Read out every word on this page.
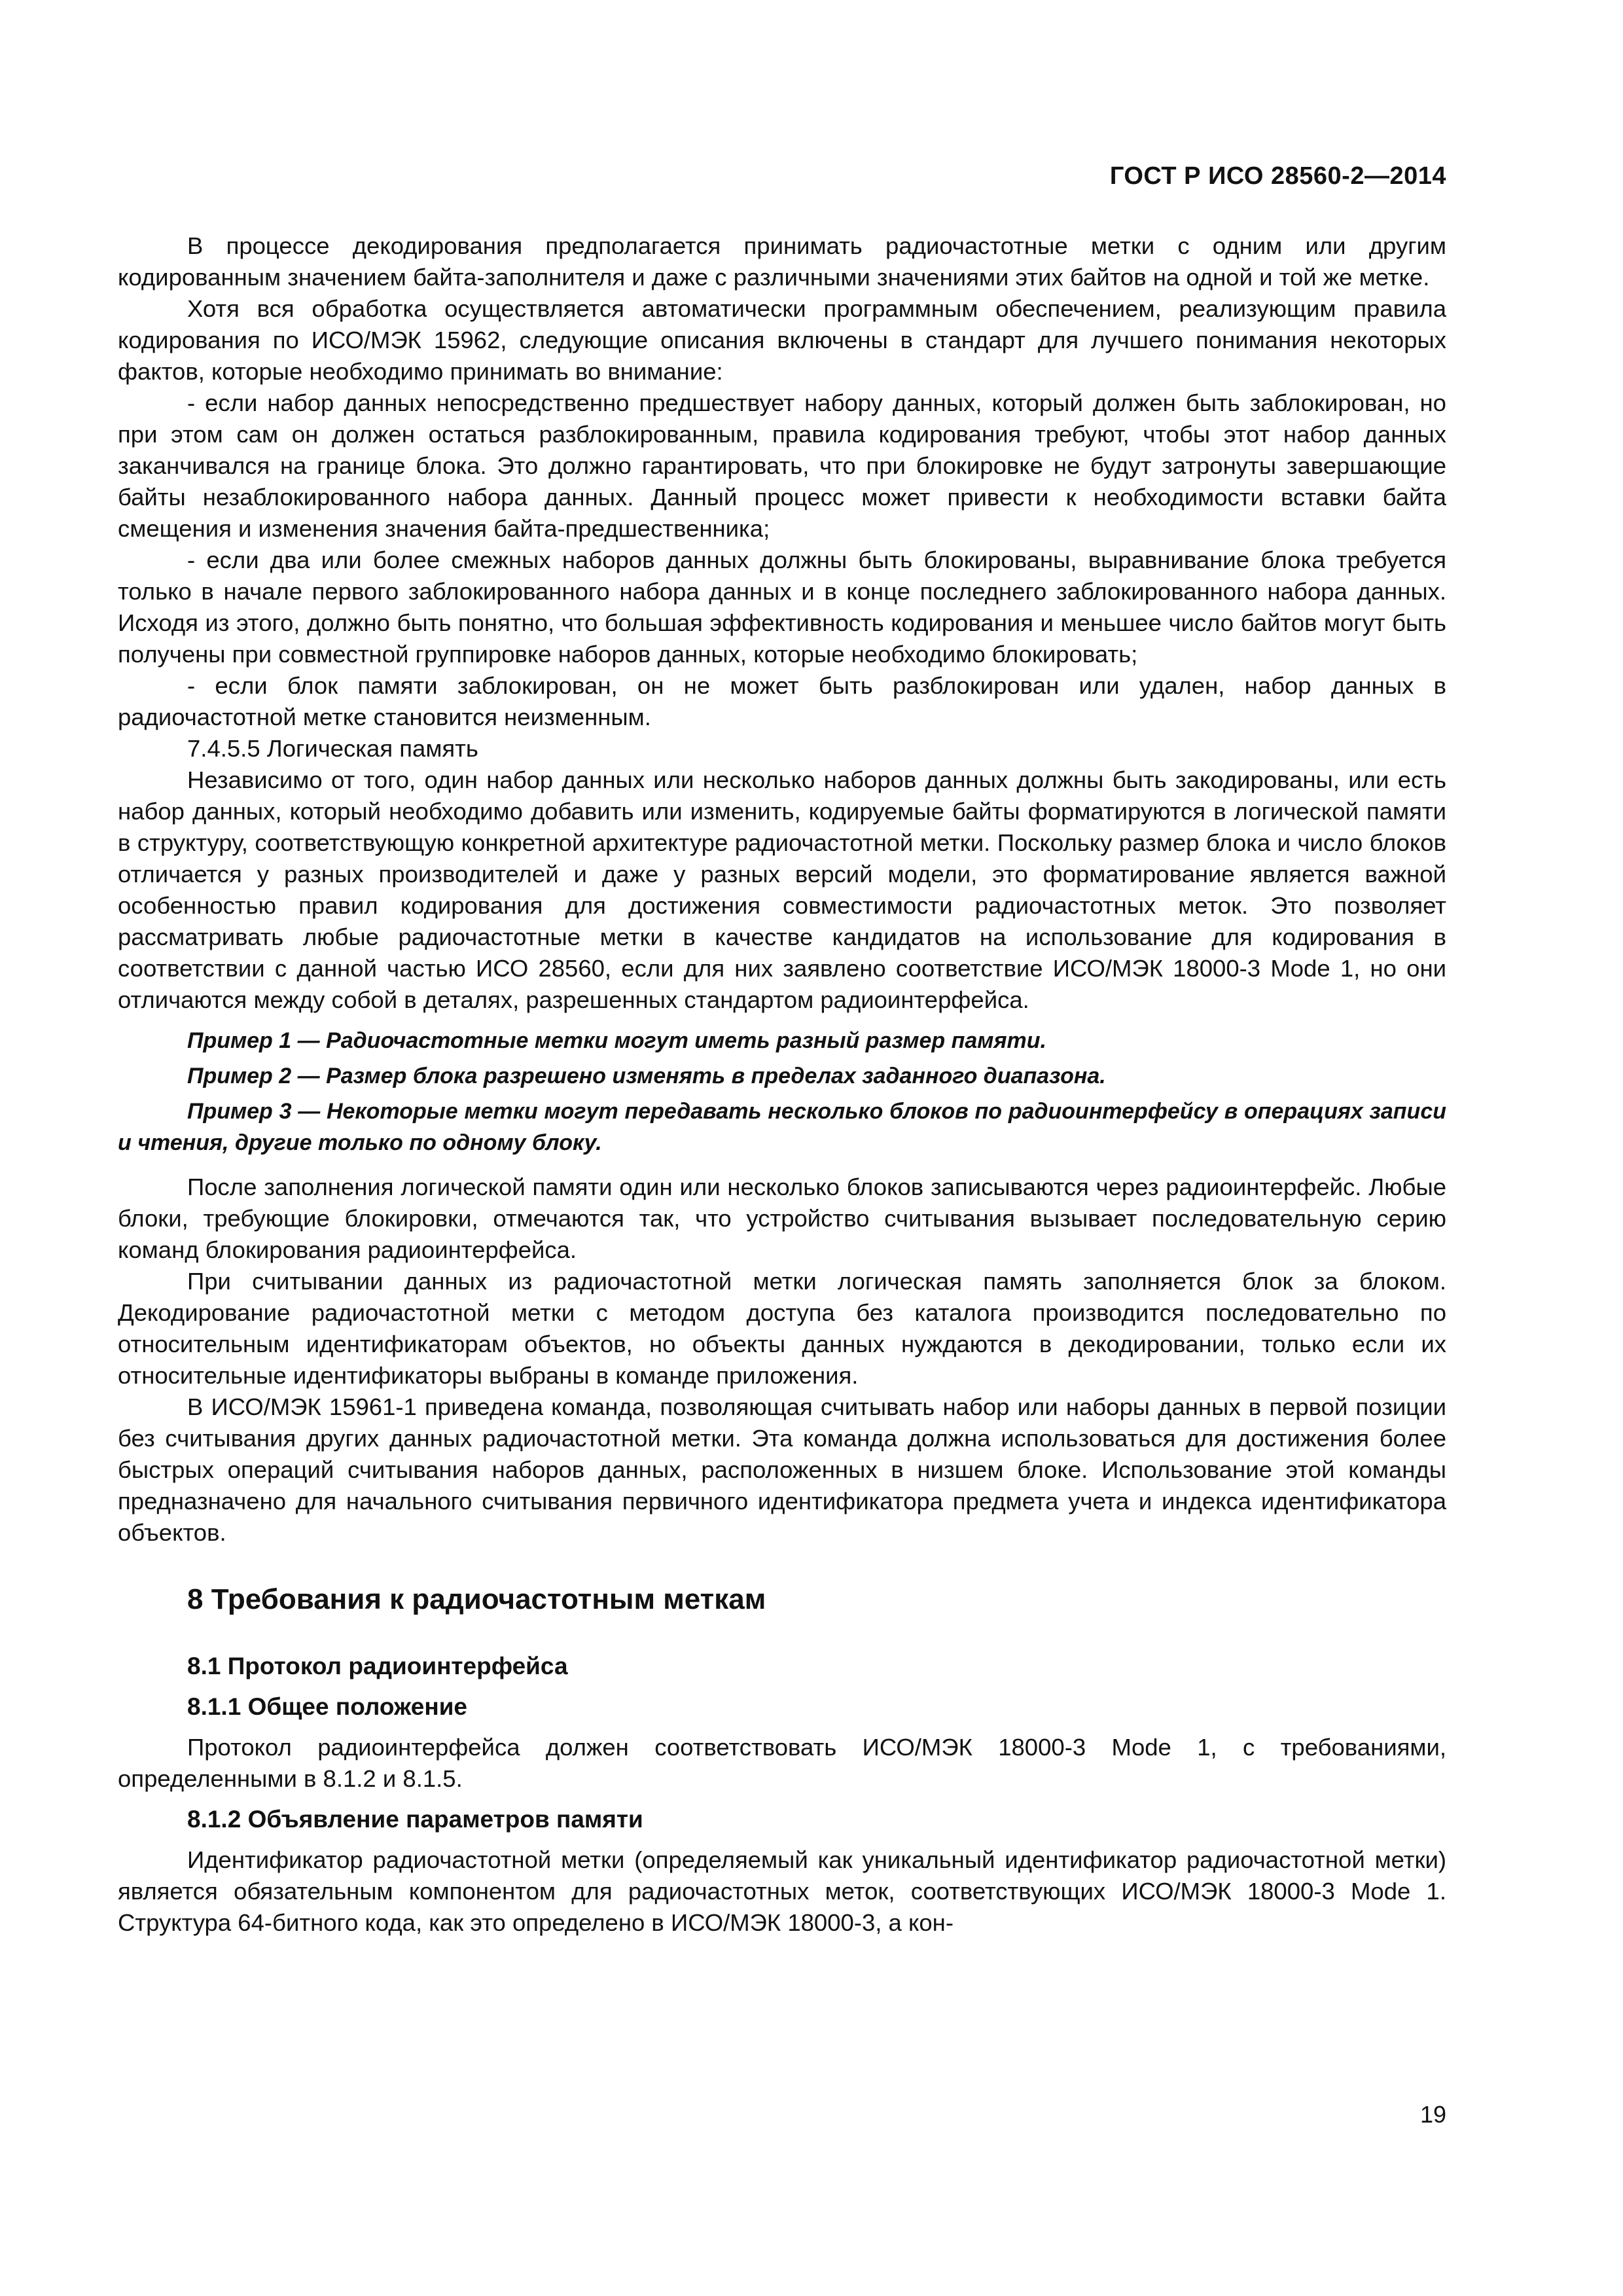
ГОСТ Р ИСО 28560-2—2014

В процессе декодирования предполагается принимать радиочастотные метки с одним или другим кодированным значением байта-заполнителя и даже с различными значениями этих байтов на одной и той же метке.

Хотя вся обработка осуществляется автоматически программным обеспечением, реализующим правила кодирования по ИСО/МЭК 15962, следующие описания включены в стандарт для лучшего понимания некоторых фактов, которые необходимо принимать во внимание:

- если набор данных непосредственно предшествует набору данных, который должен быть заблокирован, но при этом сам он должен остаться разблокированным, правила кодирования требуют, чтобы этот набор данных заканчивался на границе блока. Это должно гарантировать, что при блокировке не будут затронуты завершающие байты незаблокированного набора данных. Данный процесс может привести к необходимости вставки байта смещения и изменения значения байта-предшественника;

- если два или более смежных наборов данных должны быть блокированы, выравнивание блока требуется только в начале первого заблокированного набора данных и в конце последнего заблокированного набора данных. Исходя из этого, должно быть понятно, что большая эффективность кодирования и меньшее число байтов могут быть получены при совместной группировке наборов данных, которые необходимо блокировать;

- если блок памяти заблокирован, он не может быть разблокирован или удален, набор данных в радиочастотной метке становится неизменным.

7.4.5.5 Логическая память

Независимо от того, один набор данных или несколько наборов данных должны быть закодированы, или есть набор данных, который необходимо добавить или изменить, кодируемые байты форматируются в логической памяти в структуру, соответствующую конкретной архитектуре радиочастотной метки. Поскольку размер блока и число блоков отличается у разных производителей и даже у разных версий модели, это форматирование является важной особенностью правил кодирования для достижения совместимости радиочастотных меток. Это позволяет рассматривать любые радиочастотные метки в качестве кандидатов на использование для кодирования в соответствии с данной частью ИСО 28560, если для них заявлено соответствие ИСО/МЭК 18000-3 Mode 1, но они отличаются между собой в деталях, разрешенных стандартом радиоинтерфейса.

Пример 1 — Радиочастотные метки могут иметь разный размер памяти.

Пример 2 — Размер блока разрешено изменять в пределах заданного диапазона.

Пример 3 — Некоторые метки могут передавать несколько блоков по радиоинтерфейсу в операциях записи и чтения, другие только по одному блоку.

После заполнения логической памяти один или несколько блоков записываются через радиоинтерфейс. Любые блоки, требующие блокировки, отмечаются так, что устройство считывания вызывает последовательную серию команд блокирования радиоинтерфейса.

При считывании данных из радиочастотной метки логическая память заполняется блок за блоком. Декодирование радиочастотной метки с методом доступа без каталога производится последовательно по относительным идентификаторам объектов, но объекты данных нуждаются в декодировании, только если их относительные идентификаторы выбраны в команде приложения.

В ИСО/МЭК 15961-1 приведена команда, позволяющая считывать набор или наборы данных в первой позиции без считывания других данных радиочастотной метки. Эта команда должна использоваться для достижения более быстрых операций считывания наборов данных, расположенных в низшем блоке. Использование этой команды предназначено для начального считывания первичного идентификатора предмета учета и индекса идентификатора объектов.

8 Требования к радиочастотным меткам
8.1 Протокол радиоинтерфейса
8.1.1 Общее положение

Протокол радиоинтерфейса должен соответствовать ИСО/МЭК 18000-3 Mode 1, с требованиями, определенными в 8.1.2 и 8.1.5.

8.1.2 Объявление параметров памяти

Идентификатор радиочастотной метки (определяемый как уникальный идентификатор радиочастотной метки) является обязательным компонентом для радиочастотных меток, соответствующих ИСО/МЭК 18000-3 Mode 1. Структура 64-битного кода, как это определено в ИСО/МЭК 18000-3, а кон-

19
